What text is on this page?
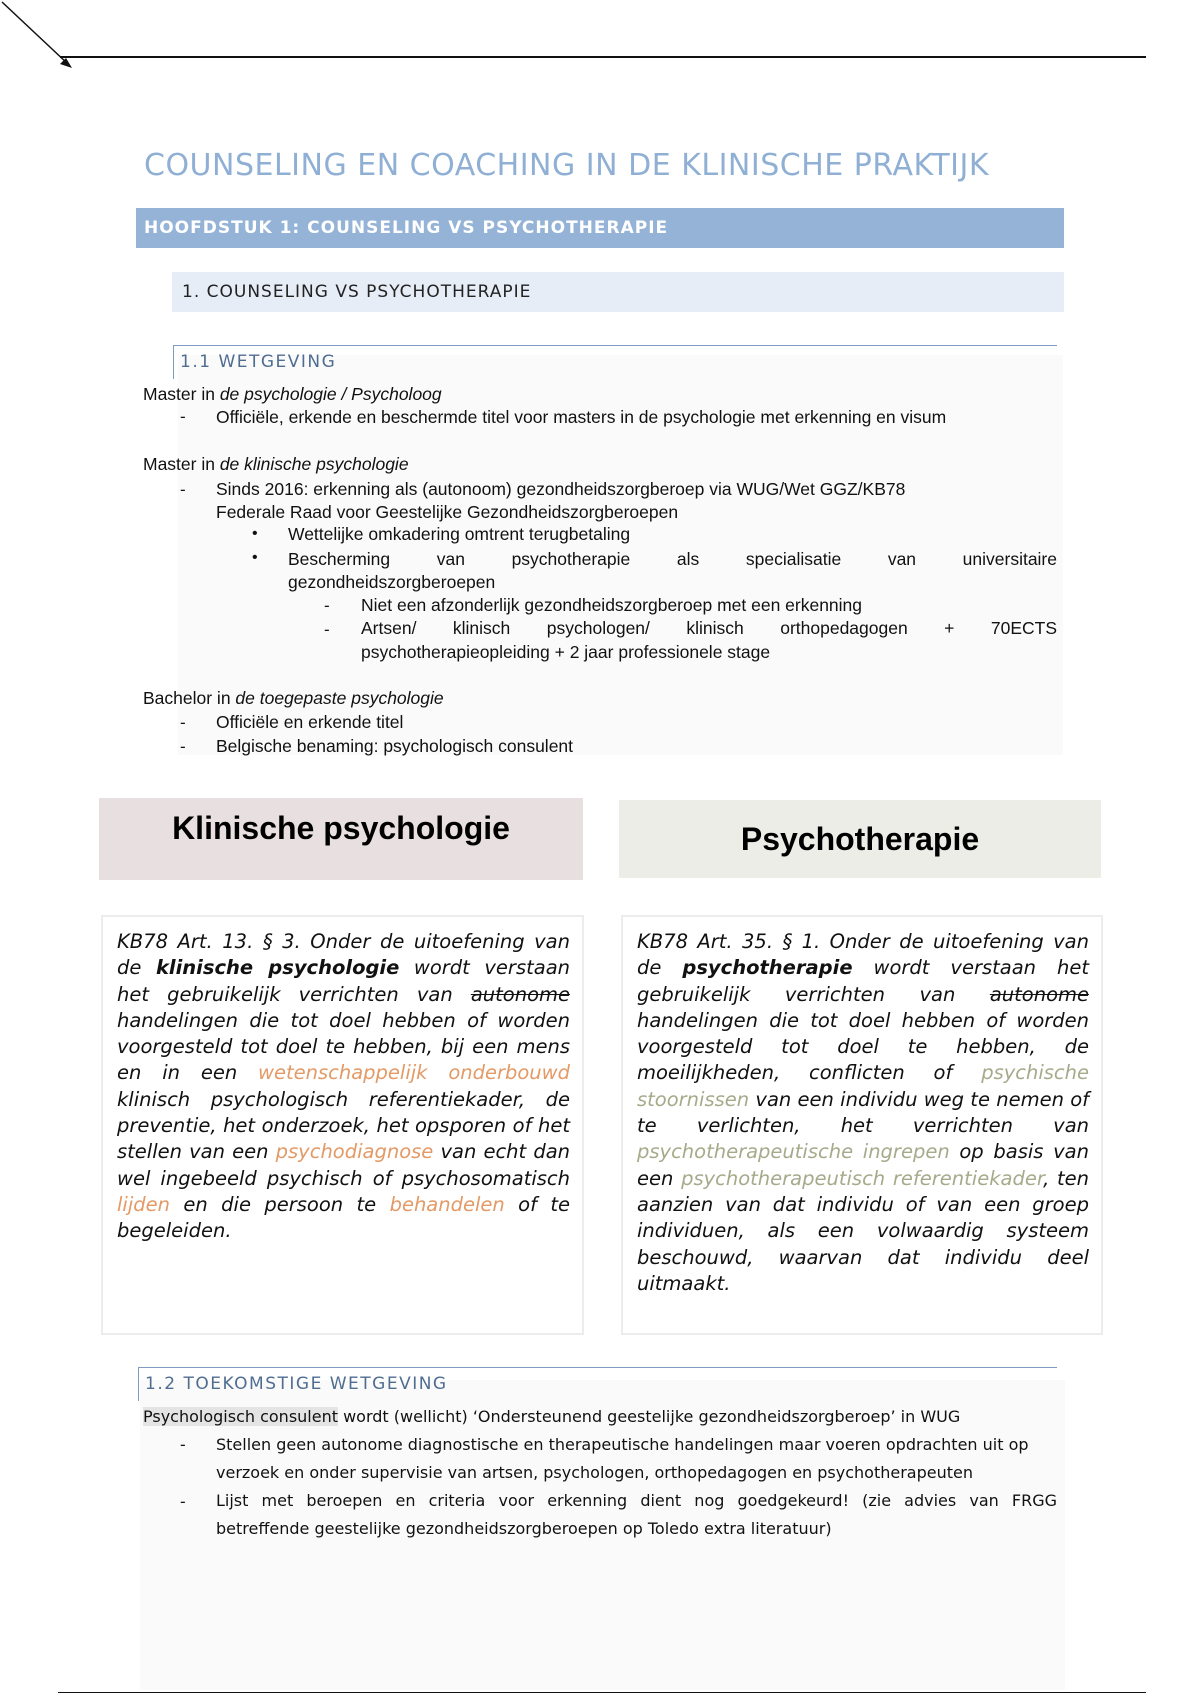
COUNSELING EN COACHING IN DE KLINISCHE PRAKTIJK
HOOFDSTUK 1: COUNSELING VS PSYCHOTHERAPIE
1. COUNSELING VS PSYCHOTHERAPIE
1.1 WETGEVING
Master in de psychologie / Psycholoog
- Officiële, erkende en beschermde titel voor masters in de psychologie met erkenning en visum
Master in de klinische psychologie
- Sinds 2016: erkenning als (autonoom) gezondheidszorgberoep via WUG/Wet GGZ/KB78
Federale Raad voor Geestelijke Gezondheidszorgberoepen
• Wettelijke omkadering omtrent terugbetaling
• Bescherming van psychotherapie als specialisatie van universitaire
gezondheidszorgberoepen
- Niet een afzonderlijk gezondheidszorgberoep met een erkenning
- Artsen/ klinisch psychologen/ klinisch orthopedagogen + 70ECTS
psychotherapieopleiding + 2 jaar professionele stage
Bachelor in de toegepaste psychologie
- Officiële en erkende titel
- Belgische benaming: psychologisch consulent
Klinische psychologie	Psychotherapie

KB78 Art. 13. § 3. Onder de uitoefening van de klinische psychologie wordt verstaan het gebruikelijk verrichten van autonome handelingen die tot doel hebben of worden voorgesteld tot doel te hebben, bij een mens en in een wetenschappelijk onderbouwd klinisch psychologisch referentiekader, de preventie, het onderzoek, het opsporen of het stellen van een psychodiagnose van echt dan wel ingebeeld psychisch of psychosomatisch lijden en die persoon te behandelen of te begeleiden.

KB78 Art. 35. § 1. Onder de uitoefening van de psychotherapie wordt verstaan het gebruikelijk verrichten van autonome handelingen die tot doel hebben of worden voorgesteld tot doel te hebben, de moeilijkheden, conflicten of psychische stoornissen van een individu weg te nemen of te verlichten, het verrichten van psychotherapeutische ingrepen op basis van een psychotherapeutisch referentiekader, ten aanzien van dat individu of van een groep individuen, als een volwaardig systeem beschouwd, waarvan dat individu deel uitmaakt.

1.2 TOEKOMSTIGE WETGEVING
Psychologisch consulent wordt (wellicht) ‘Ondersteunend geestelijke gezondheidszorgberoep’ in WUG
- Stellen geen autonome diagnostische en therapeutische handelingen maar voeren opdrachten uit op
verzoek en onder supervisie van artsen, psychologen, orthopedagogen en psychotherapeuten
- Lijst met beroepen en criteria voor erkenning dient nog goedgekeurd! (zie advies van FRGG
betreffende geestelijke gezondheidszorgberoepen op Toledo extra literatuur)
